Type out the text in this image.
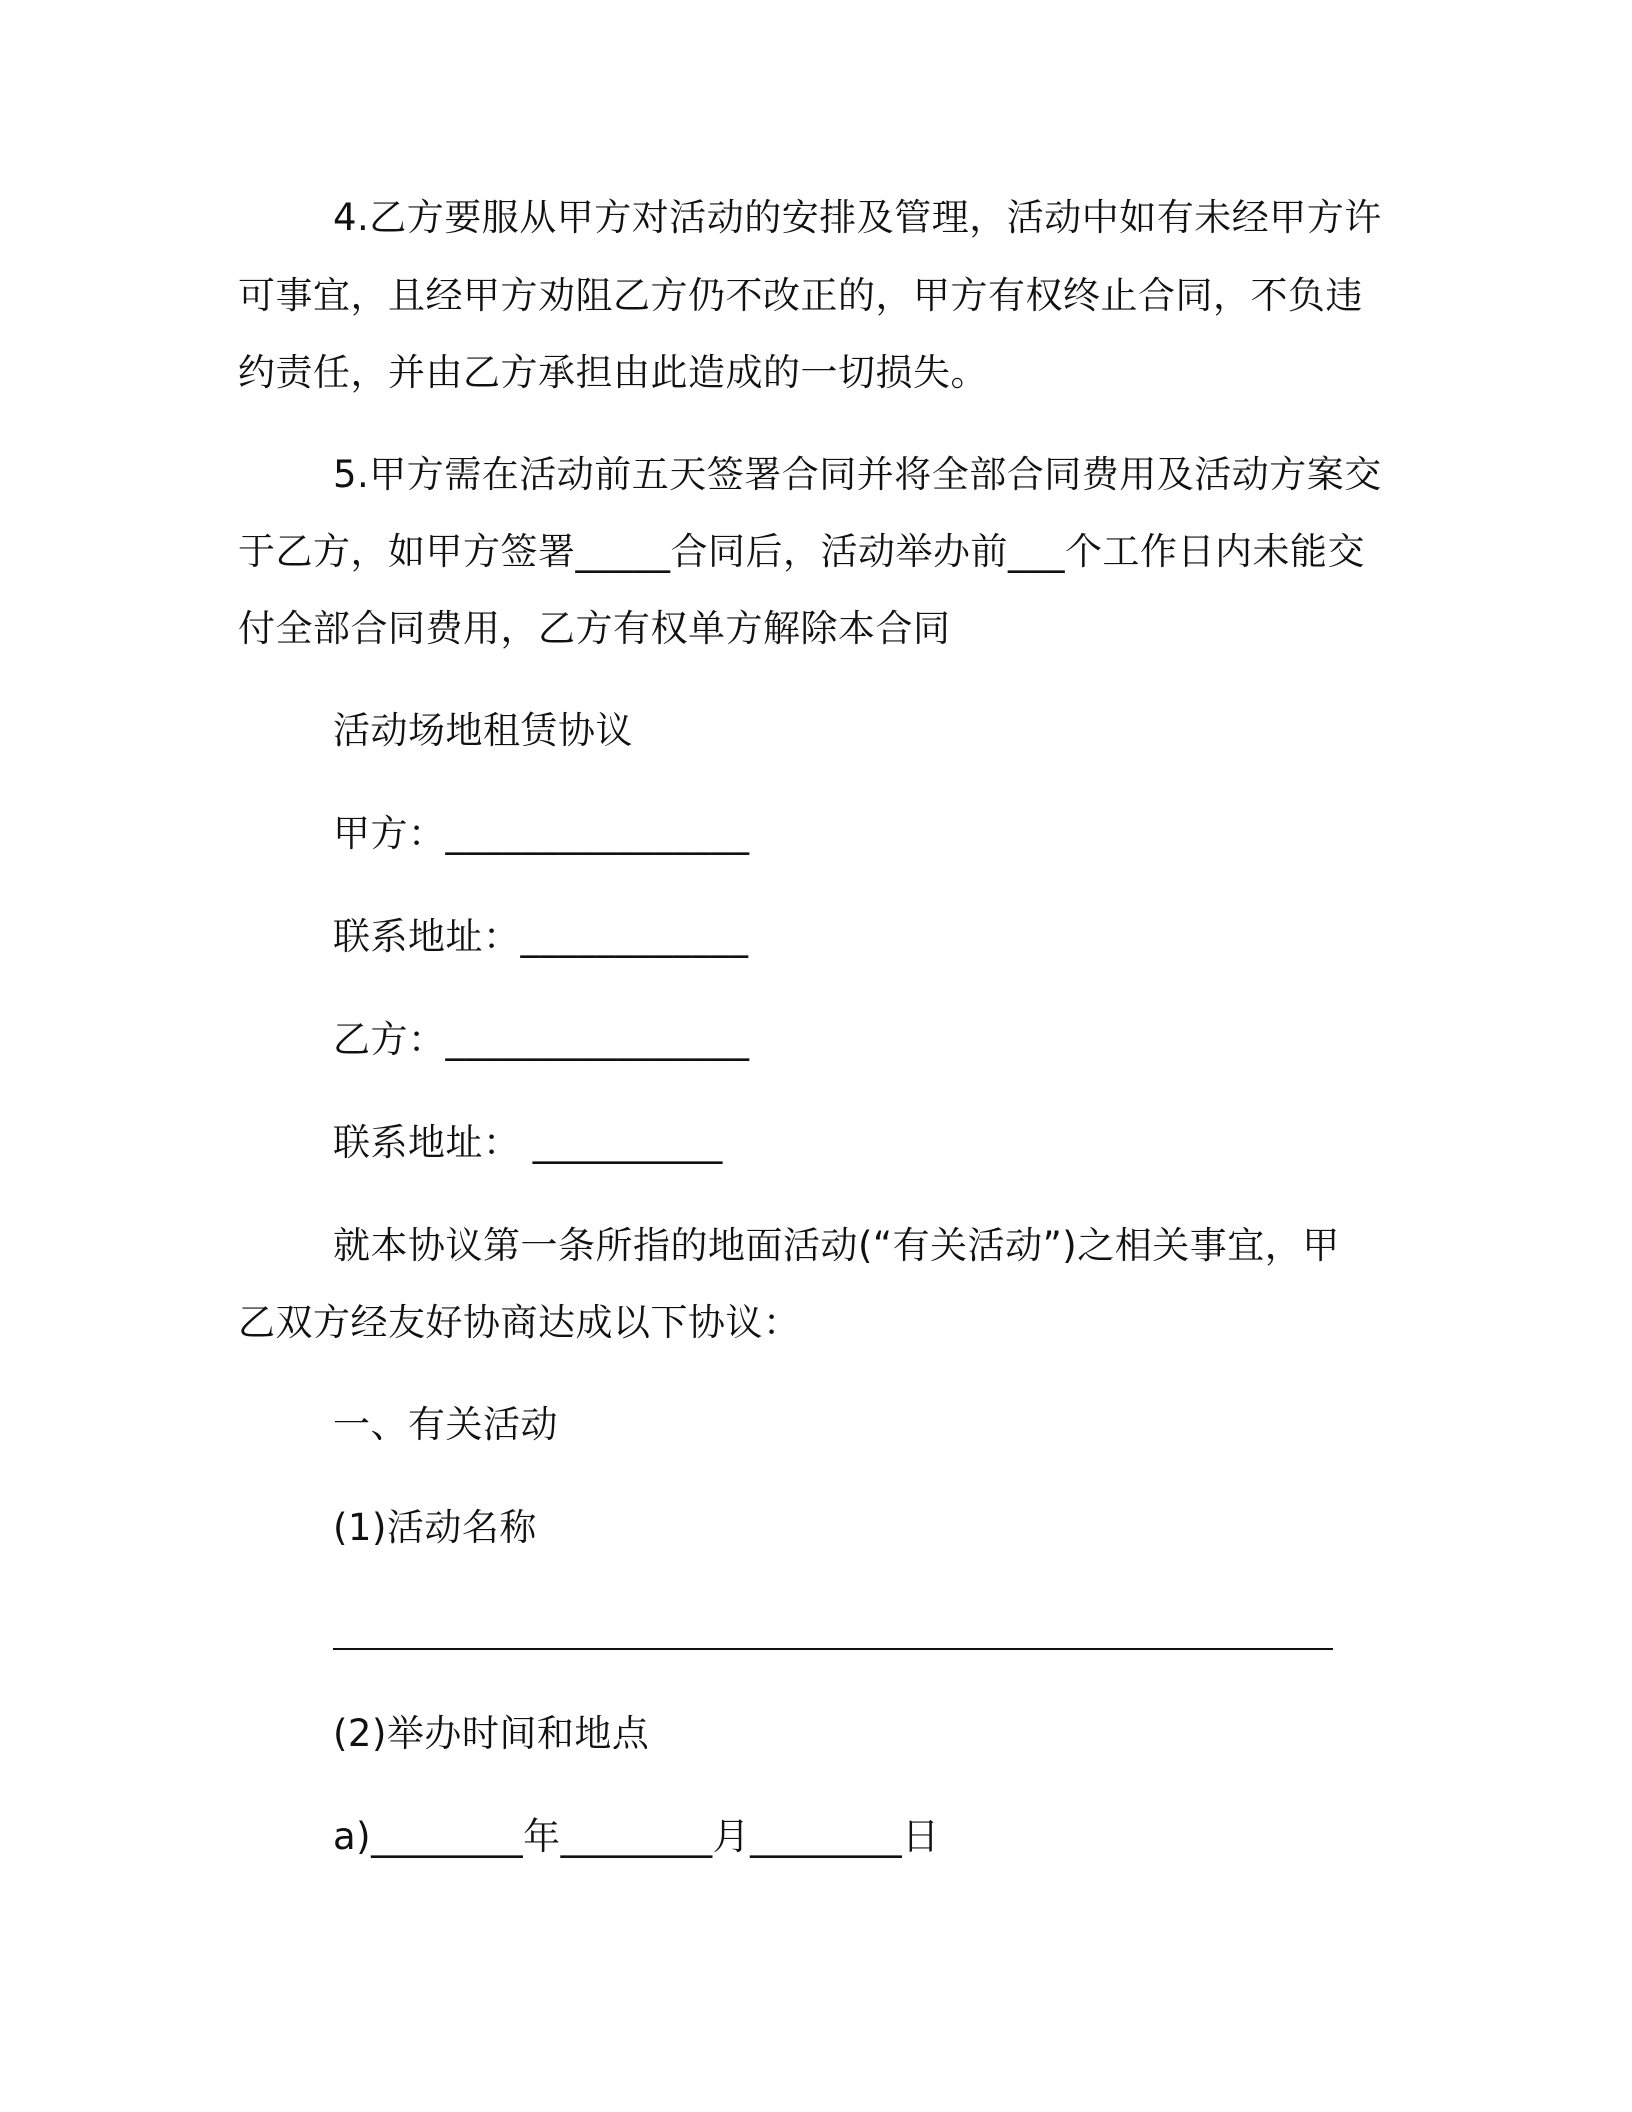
4.乙方要服从甲方对活动的安排及管理，活动中如有未经甲方许
可事宜，且经甲方劝阻乙方仍不改正的，甲方有权终止合同，不负违
约责任，并由乙方承担由此造成的一切损失。
5.甲方需在活动前五天签署合同并将全部合同费用及活动方案交
于乙方，如甲方签署_____合同后，活动举办前___个工作日内未能交
付全部合同费用，乙方有权单方解除本合同
活动场地租赁协议
甲方：________________
联系地址：____________
乙方：________________
联系地址： __________
就本协议第一条所指的地面活动(“有关活动”)之相关事宜，甲
乙双方经友好协商达成以下协议：
一、有关活动
(1)活动名称
(2)举办时间和地点
a)________年________月________日
